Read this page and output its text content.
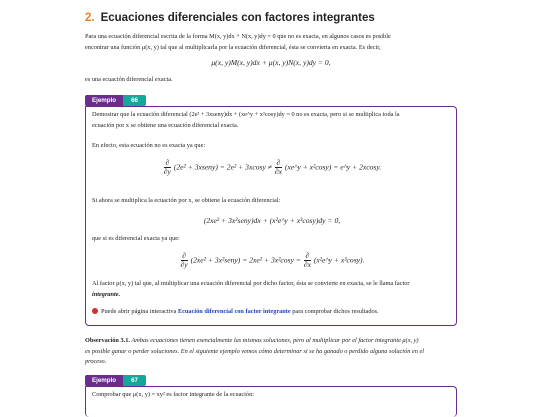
2. Ecuaciones diferenciales con factores integrantes

Para una ecuación diferencial escrita de la forma M(x, y)dx + N(x, y)dy = 0 que no es exacta, en algunos casos es posible
encontrar una función μ(x, y) tal que al multiplicarla por la ecuación diferencial, ésta se convierta en exacta. Es decir,

μ(x, y)M(x, y)dx + μ(x, y)N(x, y)dy = 0,

es una ecuación diferencial exacta.

Ejemplo	66

Demostrar que la ecuación diferencial (2e² + 3xseny)dx + (xe^y + x²cosy)dy = 0 no es exacta, pero si se multiplica toda la
ecuación por x se obtiene una ecuación diferencial exacta.

En efecto, esta ecuación no es exacta ya que:

$\frac{\partial}{\partial y} (2e^2$ + 3xseny) = $2e^2 + 3xcosy \ne \frac{\partial}{\partial x}$ (xe^y + x²cosy) = e^y + 2xcosy.

Si ahora se multiplica la ecuación por x, se obtiene la ecuación diferencial:

(2xe² + 3x²seny)dx + (x²e^y + x³cosy)dy = 0,

que si es diferencial exacta ya que:

$\frac{\partial}{\partial y} (2xe^2$ + 3x²seny) = $2xe^2 + 3x^2\cos y = \frac{\partial}{\partial x}$ (x²e^y + x³cosy).

Al factor μ(x, y) tal que, al multiplicar una ecuación diferencial por dicho factor, ésta se convierte en exacta, se le llama factor
integrante.

Puede abrir página interactiva Ecuación diferencial con factor integrante para comprobar dichos resultados.

Observación 3.1. Ambas ecuaciones tienen esencialmente las mismas soluciones, pero al multiplicar por el factor integrante μ(x, y)
es posible ganar o perder soluciones. En el siguiente ejemplo vemos cómo determinar si se ha ganado o perdido alguna solución en el
proceso.

Ejemplo	67

Comprobar que μ(x, y) = xy² es factor integrante de la ecuación:
